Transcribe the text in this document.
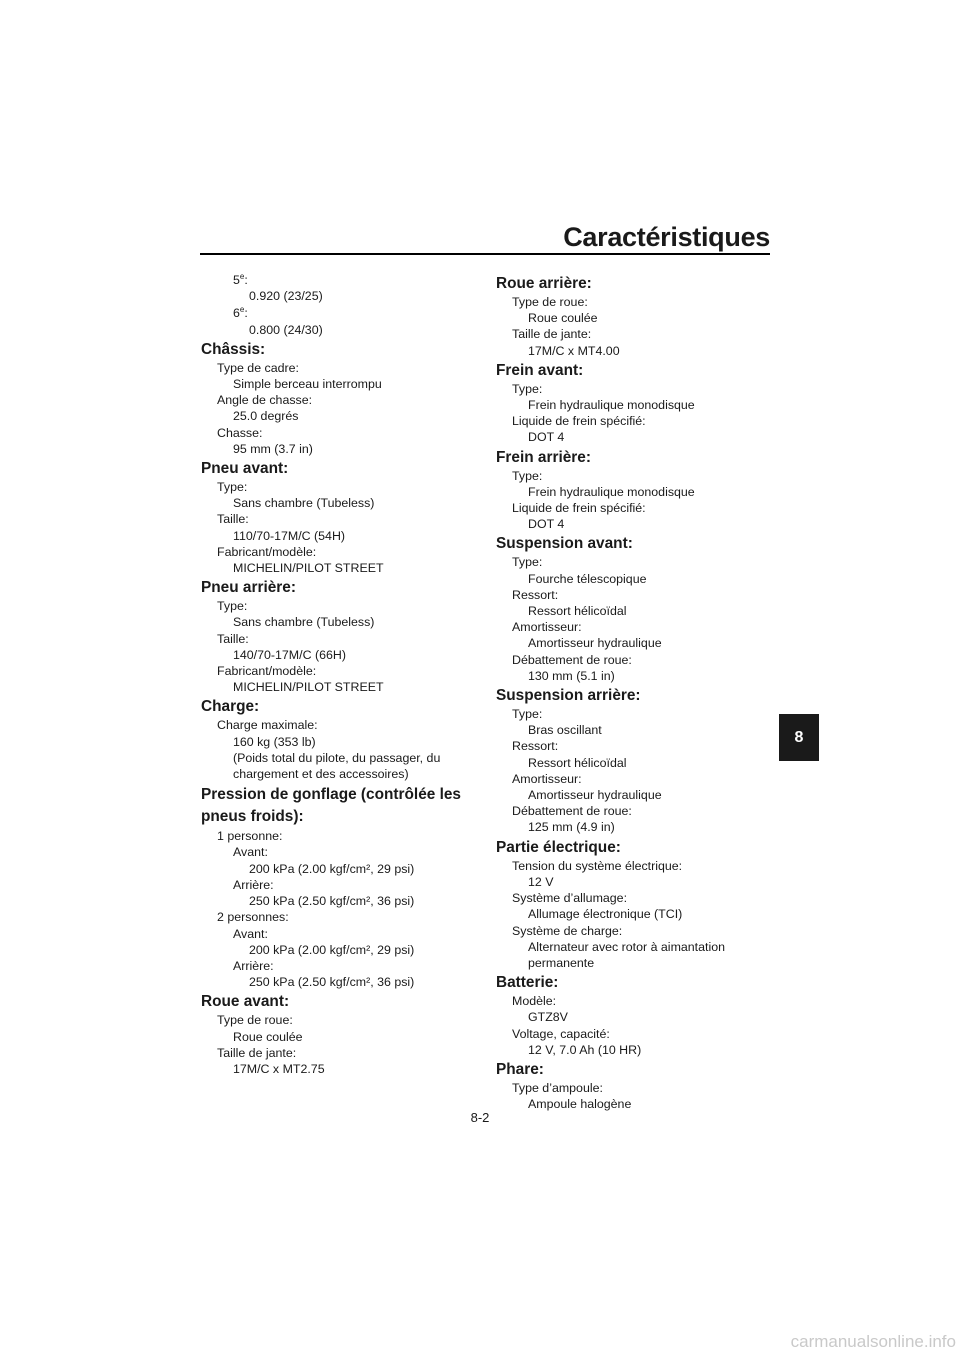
Caractéristiques
5e:
0.920 (23/25)
6e:
0.800 (24/30)
Châssis:
Type de cadre:
Simple berceau interrompu
Angle de chasse:
25.0 degrés
Chasse:
95 mm (3.7 in)
Pneu avant:
Type:
Sans chambre (Tubeless)
Taille:
110/70-17M/C (54H)
Fabricant/modèle:
MICHELIN/PILOT STREET
Pneu arrière:
Type:
Sans chambre (Tubeless)
Taille:
140/70-17M/C (66H)
Fabricant/modèle:
MICHELIN/PILOT STREET
Charge:
Charge maximale:
160 kg (353 lb)
(Poids total du pilote, du passager, du
chargement et des accessoires)
Pression de gonflage (contrôlée les
pneus froids):
1 personne:
Avant:
200 kPa (2.00 kgf/cm², 29 psi)
Arrière:
250 kPa (2.50 kgf/cm², 36 psi)
2 personnes:
Avant:
200 kPa (2.00 kgf/cm², 29 psi)
Arrière:
250 kPa (2.50 kgf/cm², 36 psi)
Roue avant:
Type de roue:
Roue coulée
Taille de jante:
17M/C x MT2.75
Roue arrière:
Type de roue:
Roue coulée
Taille de jante:
17M/C x MT4.00
Frein avant:
Type:
Frein hydraulique monodisque
Liquide de frein spécifié:
DOT 4
Frein arrière:
Type:
Frein hydraulique monodisque
Liquide de frein spécifié:
DOT 4
Suspension avant:
Type:
Fourche télescopique
Ressort:
Ressort hélicoïdal
Amortisseur:
Amortisseur hydraulique
Débattement de roue:
130 mm (5.1 in)
Suspension arrière:
Type:
Bras oscillant
Ressort:
Ressort hélicoïdal
Amortisseur:
Amortisseur hydraulique
Débattement de roue:
125 mm (4.9 in)
Partie électrique:
Tension du système électrique:
12 V
Système d’allumage:
Allumage électronique (TCI)
Système de charge:
Alternateur avec rotor à aimantation
permanente
Batterie:
Modèle:
GTZ8V
Voltage, capacité:
12 V, 7.0 Ah (10 HR)
Phare:
Type d’ampoule:
Ampoule halogène
8
8-2
carmanualsonline.info
